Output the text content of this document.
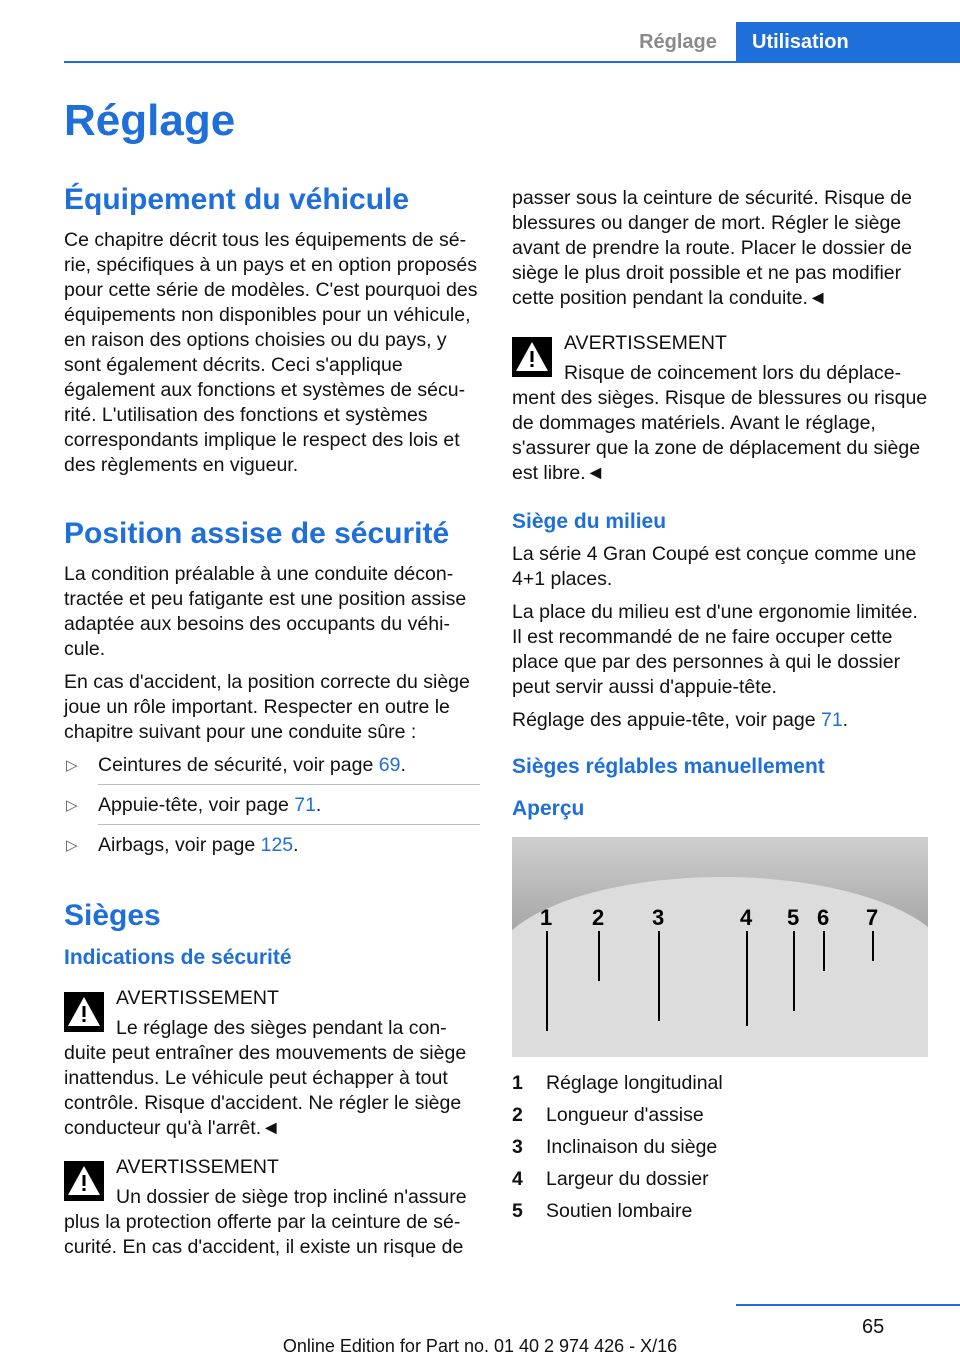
Réglage	Utilisation
Réglage
Équipement du véhicule

Ce chapitre décrit tous les équipements de série, spécifiques à un pays et en option proposés pour cette série de modèles. C'est pourquoi des équipements non disponibles pour un véhicule, en raison des options choisies ou du pays, y sont également décrits. Ceci s'applique également aux fonctions et systèmes de sécurité. L'utilisation des fonctions et systèmes correspondants implique le respect des lois et des règlements en vigueur.

Position assise de sécurité

La condition préalable à une conduite décontractée et peu fatigante est une position assise adaptée aux besoins des occupants du véhicule.

En cas d'accident, la position correcte du siège joue un rôle important. Respecter en outre le chapitre suivant pour une conduite sûre :

▷ Ceintures de sécurité, voir page 69.
▷ Appuie-tête, voir page 71.
▷ Airbags, voir page 125.
Sièges
Indications de sécurité
AVERTISSEMENT
Le réglage des sièges pendant la conduite peut entraîner des mouvements de siège inattendus. Le véhicule peut échapper à tout contrôle. Risque d'accident. Ne régler le siège conducteur qu'à l'arrêt.◄
AVERTISSEMENT
Un dossier de siège trop incliné n'assure plus la protection offerte par la ceinture de sécurité. En cas d'accident, il existe un risque de

passer sous la ceinture de sécurité. Risque de blessures ou danger de mort. Régler le siège avant de prendre la route. Placer le dossier de siège le plus droit possible et ne pas modifier cette position pendant la conduite.◄

AVERTISSEMENT
Risque de coincement lors du déplacement des sièges. Risque de blessures ou risque de dommages matériels. Avant le réglage, s'assurer que la zone de déplacement du siège est libre.◄
Siège du milieu

La série 4 Gran Coupé est conçue comme une 4+1 places.

La place du milieu est d'une ergonomie limitée. Il est recommandé de ne faire occuper cette place que par des personnes à qui le dossier peut servir aussi d'appuie-tête.

Réglage des appuie-tête, voir page 71.

Sièges réglables manuellement
Aperçu
1 2 3	4 5 6 7
1	Réglage longitudinal
2	Longueur d'assise
3	Inclinaison du siège
4	Largeur du dossier
5	Soutien lombaire
65
Online Edition for Part no. 01 40 2 974 426 - X/16
